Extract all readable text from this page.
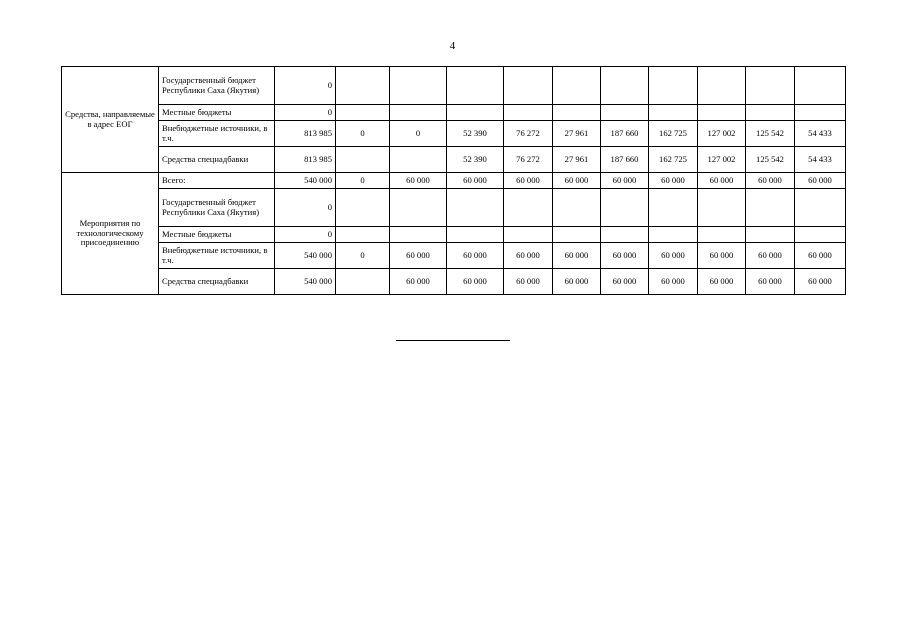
4
Средства, направляемые в адрес ЕОГ	Государственный бюджет Республики Саха (Якутия)	0										
	Местные бюджеты	0										
	Внебюджетные источники, в т.ч.	813 985	0	0	52 390	76 272	27 961	187 660	162 725	127 002	125 542	54 433
	Средства спецнадбавки	813 985			52 390	76 272	27 961	187 660	162 725	127 002	125 542	54 433
Мероприятия по технологическому присоединению	Всего:	540 000	0	60 000	60 000	60 000	60 000	60 000	60 000	60 000	60 000	60 000
	Государственный бюджет Республики Саха (Якутия)	0										
	Местные бюджеты	0										
	Внебюджетные источники, в т.ч.	540 000	0	60 000	60 000	60 000	60 000	60 000	60 000	60 000	60 000	60 000
	Средства спецнадбавки	540 000		60 000	60 000	60 000	60 000	60 000	60 000	60 000	60 000	60 000
